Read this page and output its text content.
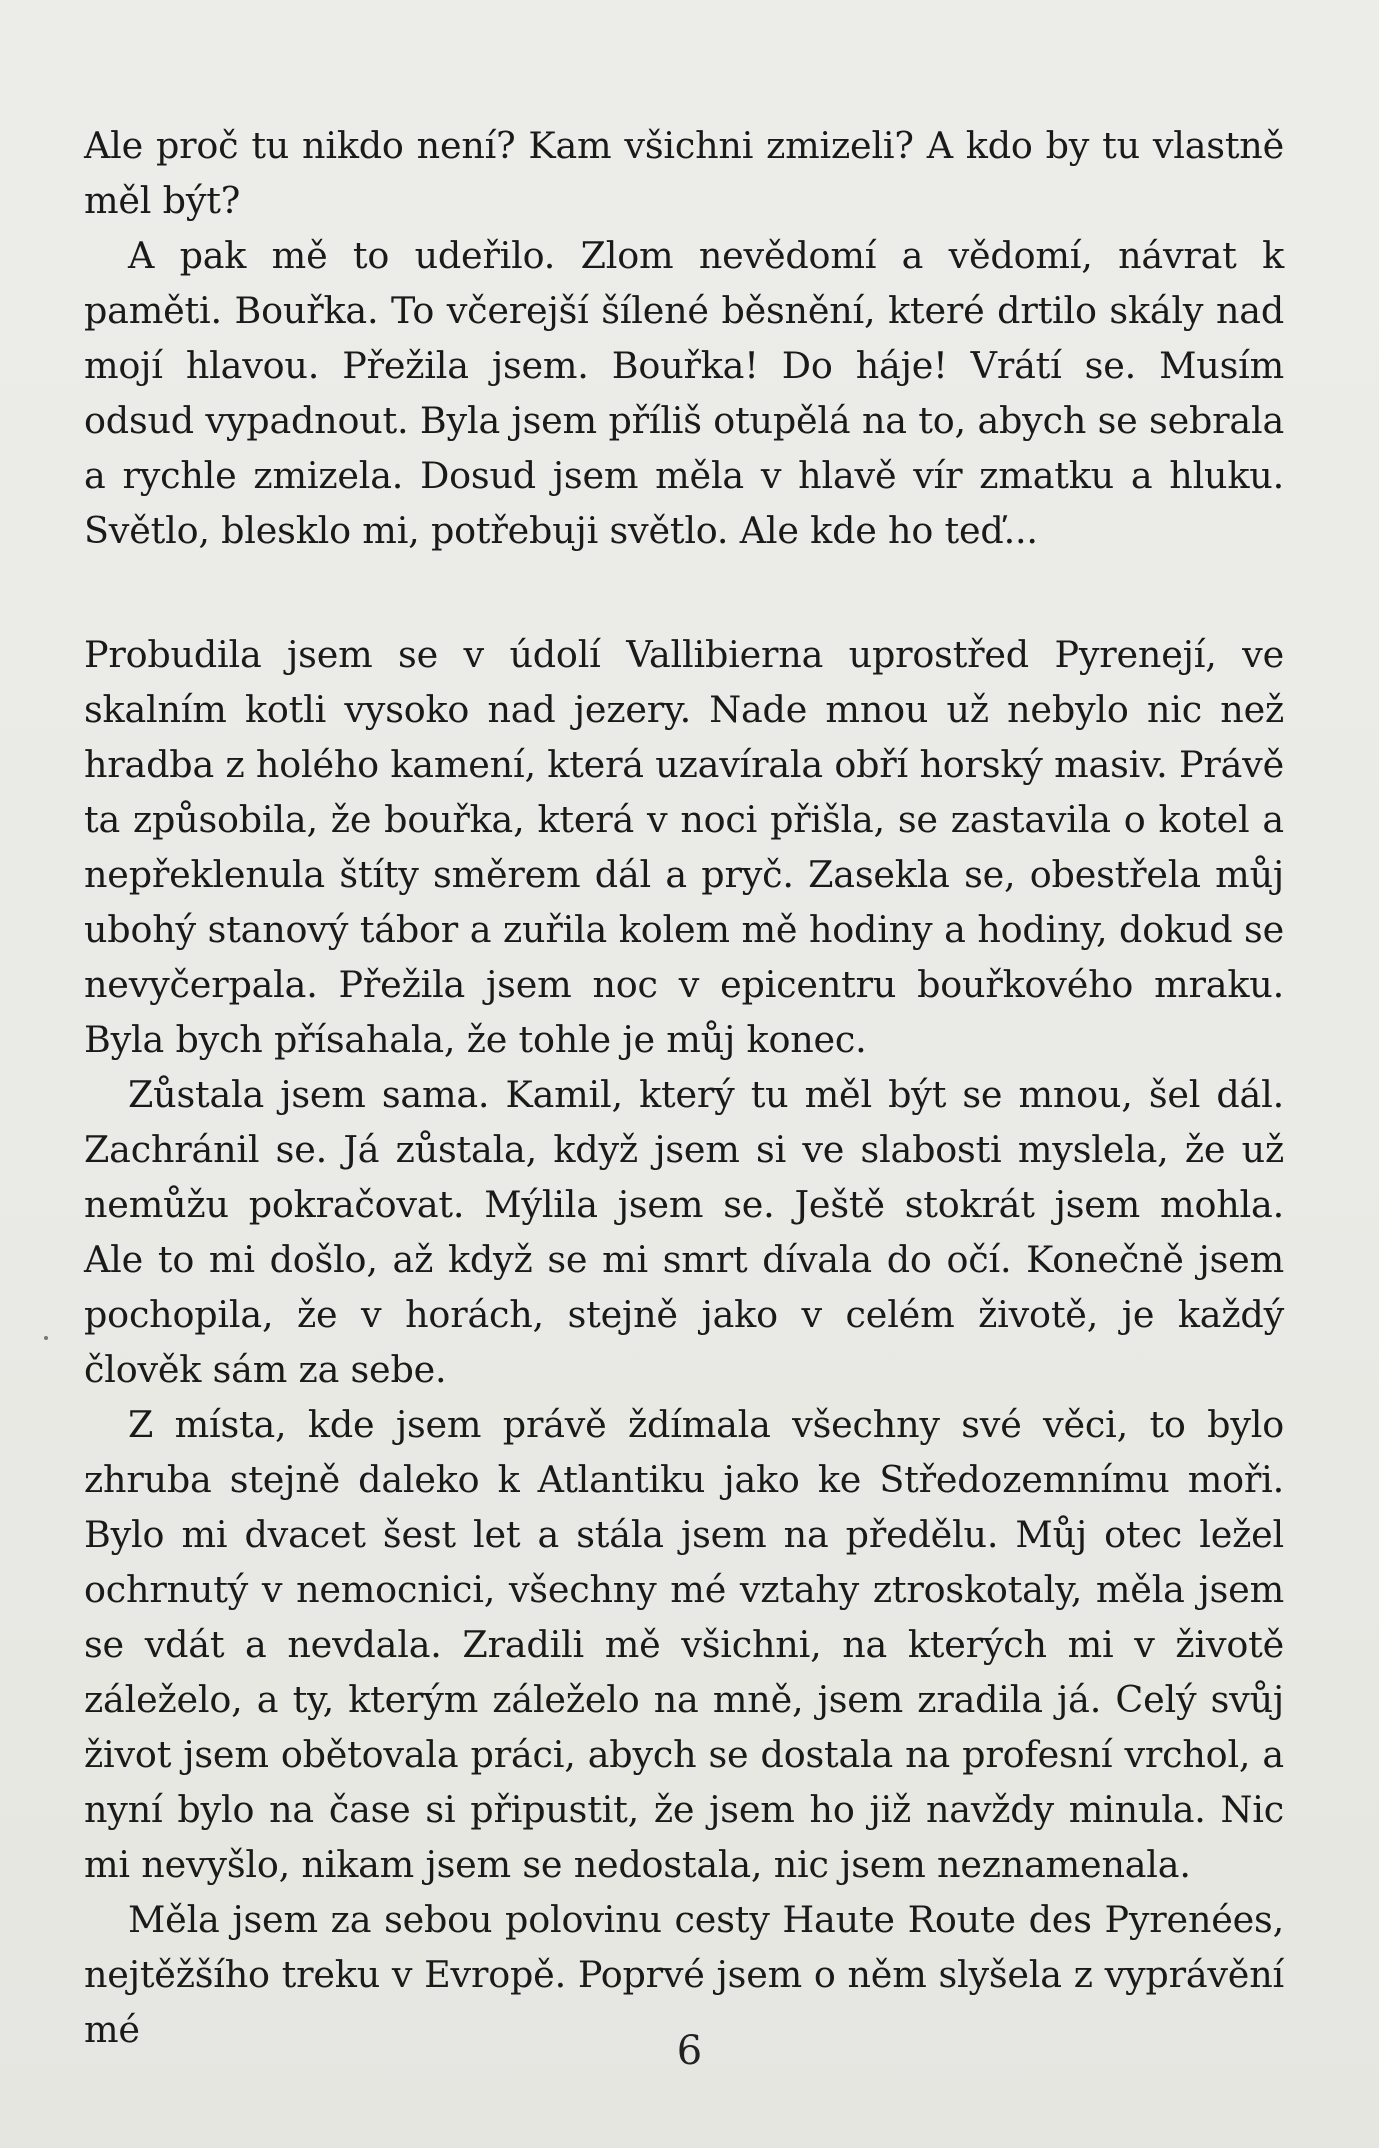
Ale proč tu nikdo není? Kam všichni zmizeli? A kdo by tu vlastně měl být?

A pak mě to udeřilo. Zlom nevědomí a vědomí, návrat k paměti. Bouřka. To včerejší šílené běsnění, které drtilo skály nad mojí hlavou. Přežila jsem. Bouřka! Do háje! Vrátí se. Musím odsud vypadnout. Byla jsem příliš otupělá na to, abych se sebrala a rychle zmizela. Dosud jsem měla v hlavě vír zmatku a hluku. Světlo, blesklo mi, potřebuji světlo. Ale kde ho teď...

Probudila jsem se v údolí Vallibierna uprostřed Pyrenejí, ve skalním kotli vysoko nad jezery. Nade mnou už nebylo nic než hradba z holého kamení, která uzavírala obří horský masiv. Právě ta způsobila, že bouřka, která v noci přišla, se zastavila o kotel a nepřeklenula štíty směrem dál a pryč. Zasekla se, obestřela můj ubohý stanový tábor a zuřila kolem mě hodiny a hodiny, dokud se nevyčerpala. Přežila jsem noc v epicentru bouřkového mraku. Byla bych přísahala, že tohle je můj konec.

Zůstala jsem sama. Kamil, který tu měl být se mnou, šel dál. Zachránil se. Já zůstala, když jsem si ve slabosti myslela, že už nemůžu pokračovat. Mýlila jsem se. Ještě stokrát jsem mohla. Ale to mi došlo, až když se mi smrt dívala do očí. Konečně jsem pochopila, že v horách, stejně jako v celém životě, je každý člověk sám za sebe.

Z místa, kde jsem právě ždímala všechny své věci, to bylo zhruba stejně daleko k Atlantiku jako ke Středozemnímu moři. Bylo mi dvacet šest let a stála jsem na předělu. Můj otec ležel ochrnutý v nemocnici, všechny mé vztahy ztroskotaly, měla jsem se vdát a nevdala. Zradili mě všichni, na kterých mi v životě záleželo, a ty, kterým záleželo na mně, jsem zradila já. Celý svůj život jsem obětovala práci, abych se dostala na profesní vrchol, a nyní bylo na čase si připustit, že jsem ho již navždy minula. Nic mi nevyšlo, nikam jsem se nedostala, nic jsem neznamenala.

Měla jsem za sebou polovinu cesty Haute Route des Pyrenées, nejtěžšího treku v Evropě. Poprvé jsem o něm slyšela z vyprávění mé	6
